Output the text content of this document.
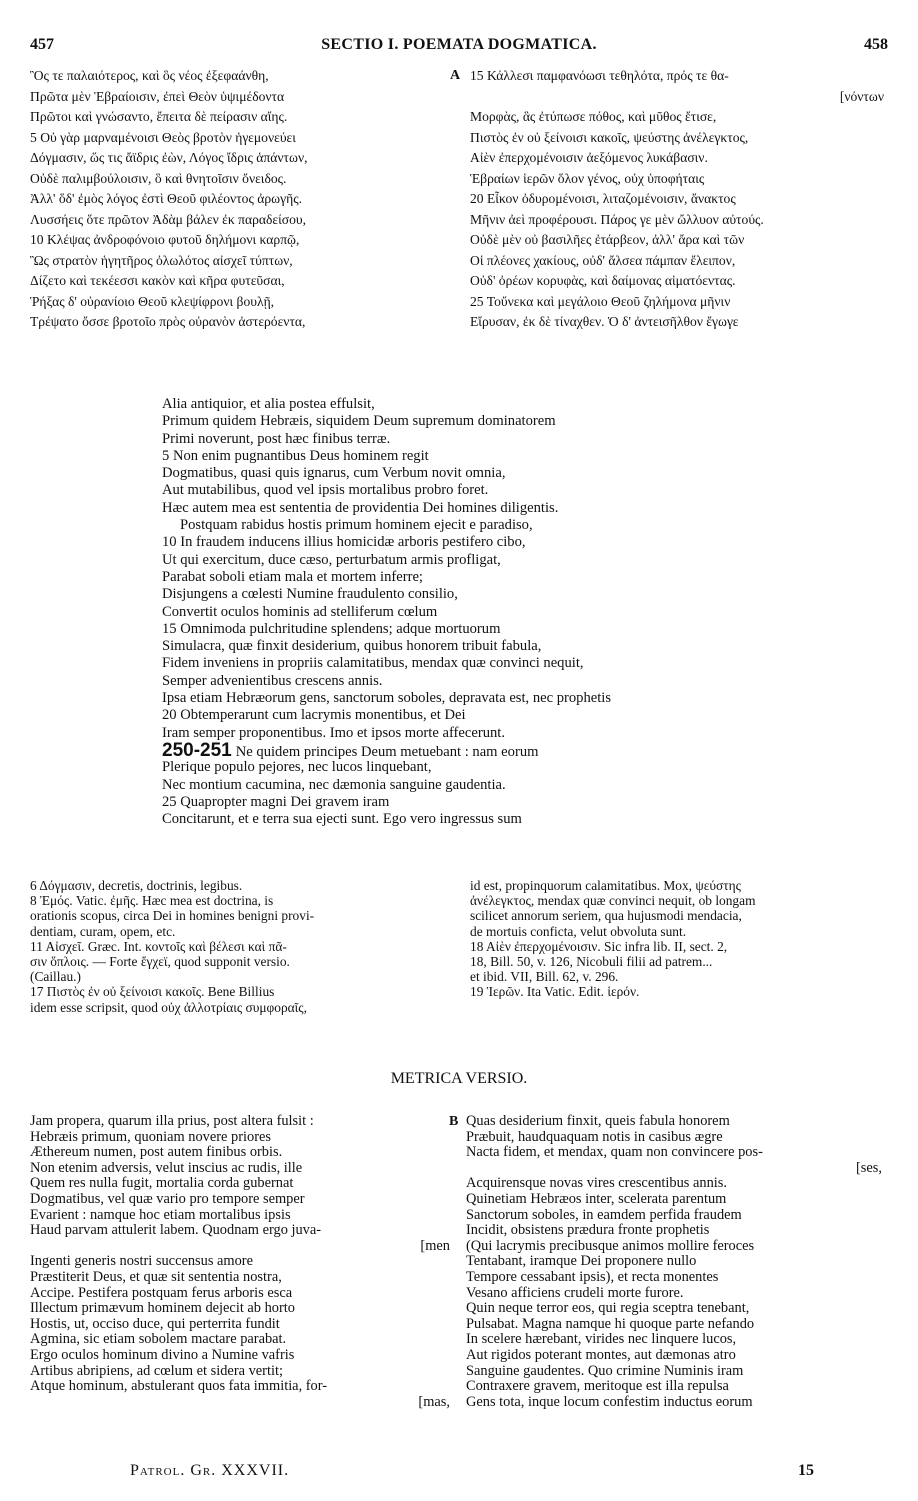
457	SECTIO I. POEMATA DOGMATICA.	458
Ὃς τε παλαιότερος, καὶ ὃς νέος ἐξεφαάνθη,
Πρῶτα μὲν Ἑβραίοισιν, ἐπεὶ Θεὸν ὑψιμέδοντα
Πρῶτοι καὶ γνώσαντο, ἔπειτα δὲ πείρασιν αἴης.
5 Οὐ γὰρ μαρναμένοισι Θεὸς βροτὸν ἡγεμονεύει
Δόγμασιν, ὥς τις ἄϊδρις ἐὼν, Λόγος ἴδρις ἁπάντων,
Οὐδὲ παλιμβούλοισιν, ὃ καὶ θνητοῖσιν ὄνειδος.
Ἀλλ' ὅδ' ἐμὸς λόγος ἐστὶ Θεοῦ φιλέοντος ἀρωγῆς.
Λυσσήεις ὅτε πρῶτον Ἀδὰμ βάλεν ἐκ παραδείσου,
10 Κλέψας ἀνδροφόνοιο φυτοῦ δηλήμονι καρπῷ,
Ὣς στρατὸν ἡγητῆρος ὀλωλότος αἰσχεῖ τύπτων,
Δίζετο καὶ τεκέεσσι κακὸν καὶ κῆρα φυτεῦσαι,
Ῥήξας δ' οὐρανίοιο Θεοῦ κλεψίφρονι βουλῇ,
Τρέψατο ὄσσε βροτοῖο πρὸς οὐρανὸν ἀστερόεντα,
A 15 Κάλλεσι παμφανόωσι τεθηλότα, πρός τε θα-
[νόντων
Μορφὰς, ἃς ἐτύπωσε πόθος, καὶ μῦθος ἔτισε,
Πιστὸς ἐν οὐ ξείνοισι κακοῖς, ψεύστης ἀνέλεγκτος,
Αἰὲν ἐπερχομένοισιν ἀεξόμενος λυκάβασιν.
Ἑβραίων ἱερῶν ὅλον γένος, οὐχ ὑποφήταις
20 Εἶκον ὀδυρομένοισι, λιταζομένοισιν, ἄνακτος
Μῆνιν ἀεὶ προφέρουσι. Πάρος γε μὲν ὤλλυον αὐτούς.
Οὐδὲ μὲν οὐ βασιλῆες ἐτάρβεον, ἀλλ' ἄρα καὶ τῶν
Οἱ πλέονες χακίους, οὐδ' ἄλσεα πάμπαν ἔλειπον,
Οὐδ' ὀρέων κορυφὰς, καὶ δαίμονας αἱματόεντας.
25 Τοὔνεκα καὶ μεγάλοιο Θεοῦ ζηλήμονα μῆνιν
Εἴρυσαν, ἐκ δὲ τίναχθεν. Ὁ δ' ἀντεισῆλθον ἔγωγε
Alia antiquior, et alia postea effulsit,
Primum quidem Hebræis, siquidem Deum supremum dominatorem
Primi noverunt, post hæc finibus terræ.
5 Non enim pugnantibus Deus hominem regit
Dogmatibus, quasi quis ignarus, cum Verbum novit omnia,
Aut mutabilibus, quod vel ipsis mortalibus probro foret.
Hæc autem mea est sententia de providentia Dei homines diligentis.
Postquam rabidus hostis primum hominem ejecit e paradiso,
10 In fraudem inducens illius homicidæ arboris pestifero cibo,
Ut qui exercitum, duce cæso, perturbatum armis profligat,
Parabat soboli etiam mala et mortem inferre;
Disjungens a cœlesti Numine fraudulento consilio,
Convertit oculos hominis ad stelliferum cœlum
15 Omnimoda pulchritudine splendens; adque mortuorum
Simulacra, quæ finxit desiderium, quibus honorem tribuit fabula,
Fidem inveniens in propriis calamitatibus, mendax quæ convinci nequit,
Semper advenientibus crescens annis.
Ipsa etiam Hebræorum gens, sanctorum soboles, depravata est, nec prophetis
20 Obtemperarunt cum lacrymis monentibus, et Dei
Iram semper proponentibus. Imo et ipsos morte affecerunt.
250-251 Ne quidem principes Deum metuebant : nam eorum
Plerique populo pejores, nec lucos linquebant,
Nec montium cacumina, nec dæmonia sanguine gaudentia.
25 Quapropter magni Dei gravem iram
Concitarunt, et e terra sua ejecti sunt. Ego vero ingressus sum
6 Δόγμασιν, decretis, doctrinis, legibus.
8 Ἐμός. Vatic. ἐμῆς. Hæc mea est doctrina, is
orationis scopus, circa Dei in homines benigni provi-
dentiam, curam, opem, etc.
11 Αἰσχεῖ. Græc. Int. κοντοῖς καὶ βέλεσι καὶ πᾶ-
σιν ὅπλοις. — Forte ἔγχεϊ, quod supponit versio.
(Caillau.)
17 Πιστὸς ἐν οὐ ξείνοισι κακοῖς. Bene Billius
idem esse scripsit, quod οὐχ ἀλλοτρίαις συμφοραῖς,
id est, propinquorum calamitatibus. Mox, ψεύστης
ἀνέλεγκτος, mendax quæ convinci nequit, ob longam
scilicet annorum seriem, qua hujusmodi mendacia,
de mortuis conficta, velut obvoluta sunt.
18 Αἰὲν ἐπερχομένοισιν. Sic infra lib. II, sect. 2,
18, Bill. 50, v. 126, Nicobuli filii ad patrem...
et ibid. VII, Bill. 62, v. 296.
19 Ἱερῶν. Ita Vatic. Edit. ἱερόν.
METRICA VERSIO.
Jam propera, quarum illa prius, post altera fulsit :
Hebræis primum, quoniam novere priores
Æthereum numen, post autem finibus orbis.
Non etenim adversis, velut inscius ac rudis, ille
Quem res nulla fugit, mortalia corda gubernat
Dogmatibus, vel quæ vario pro tempore semper
Evarient : namque hoc etiam mortalibus ipsis
Haud parvam attulerit labem. Quodnam ergo juva-
[men
Ingenti generis nostri succensus amore
Præstiterit Deus, et quæ sit sententia nostra,
Accipe. Pestifera postquam ferus arboris esca
Illectum primævum hominem dejecit ab horto
Hostis, ut, occiso duce, qui perterrita fundit
Agmina, sic etiam sobolem mactare parabat.
Ergo oculos hominum divino a Numine vafris
Artibus abripiens, ad cœlum et sidera vertit;
Atque hominum, abstulerant quos fata immitia, for-
[mas,
B Quas desiderium finxit, queis fabula honorem
Præbuit, haudquaquam notis in casibus ægre
Nacta fidem, et mendax, quam non convincere pos-
[ses,
Acquirensque novas vires crescentibus annis.
Quinetiam Hebræos inter, scelerata parentum
Sanctorum soboles, in eamdem perfida fraudem
Incidit, obsistens prædura fronte prophetis
(Qui lacrymis precibusque animos mollire feroces
Tentabant, iramque Dei proponere nullo
Tempore cessabant ipsis), et recta monentes
Vesano afficiens crudeli morte furore.
Quin neque terror eos, qui regia sceptra tenebant,
Pulsabat. Magna namque hi quoque parte nefando
In scelere hærebant, virides nec linquere lucos,
Aut rigidos poterant montes, aut dæmonas atro
Sanguine gaudentes. Quo crimine Numinis iram
Contraxere gravem, meritoque est illa repulsa
Gens tota, inque locum confestim inductus eorum
Patrol. Gr. XXXVII.	15
